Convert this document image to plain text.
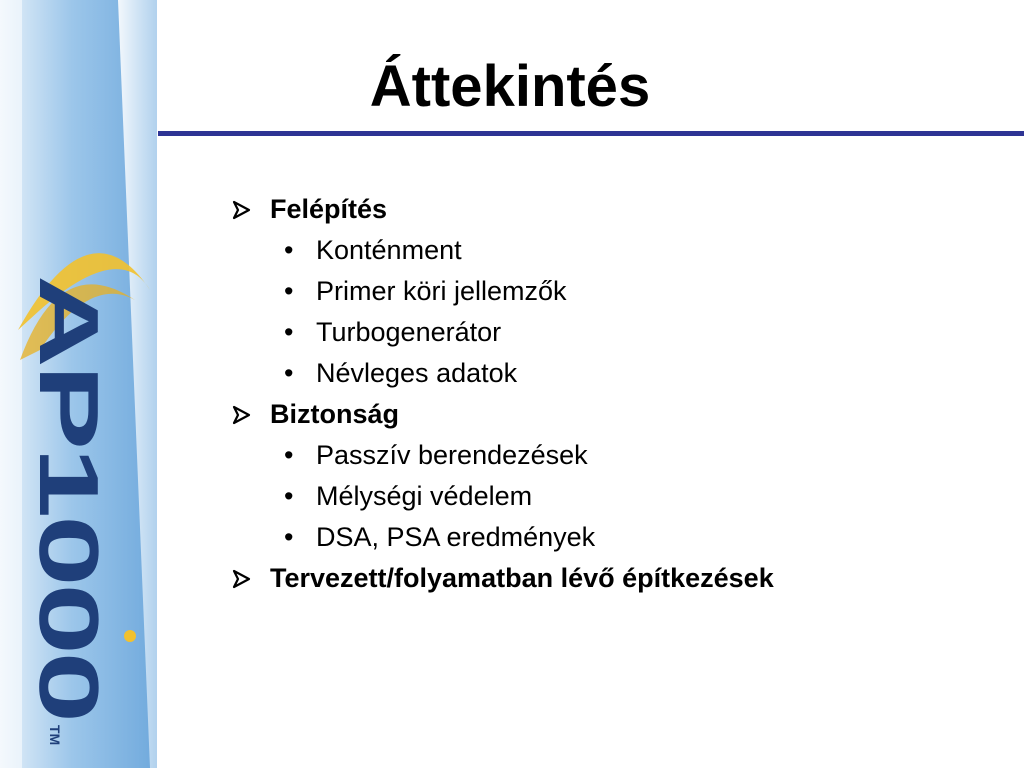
AP1000
TM
Áttekintés
Felépítés
• Konténment
• Primer köri jellemzők
• Turbogenerátor
• Névleges adatok
Biztonság
• Passzív berendezések
• Mélységi védelem
• DSA, PSA eredmények
Tervezett/folyamatban lévő építkezések
